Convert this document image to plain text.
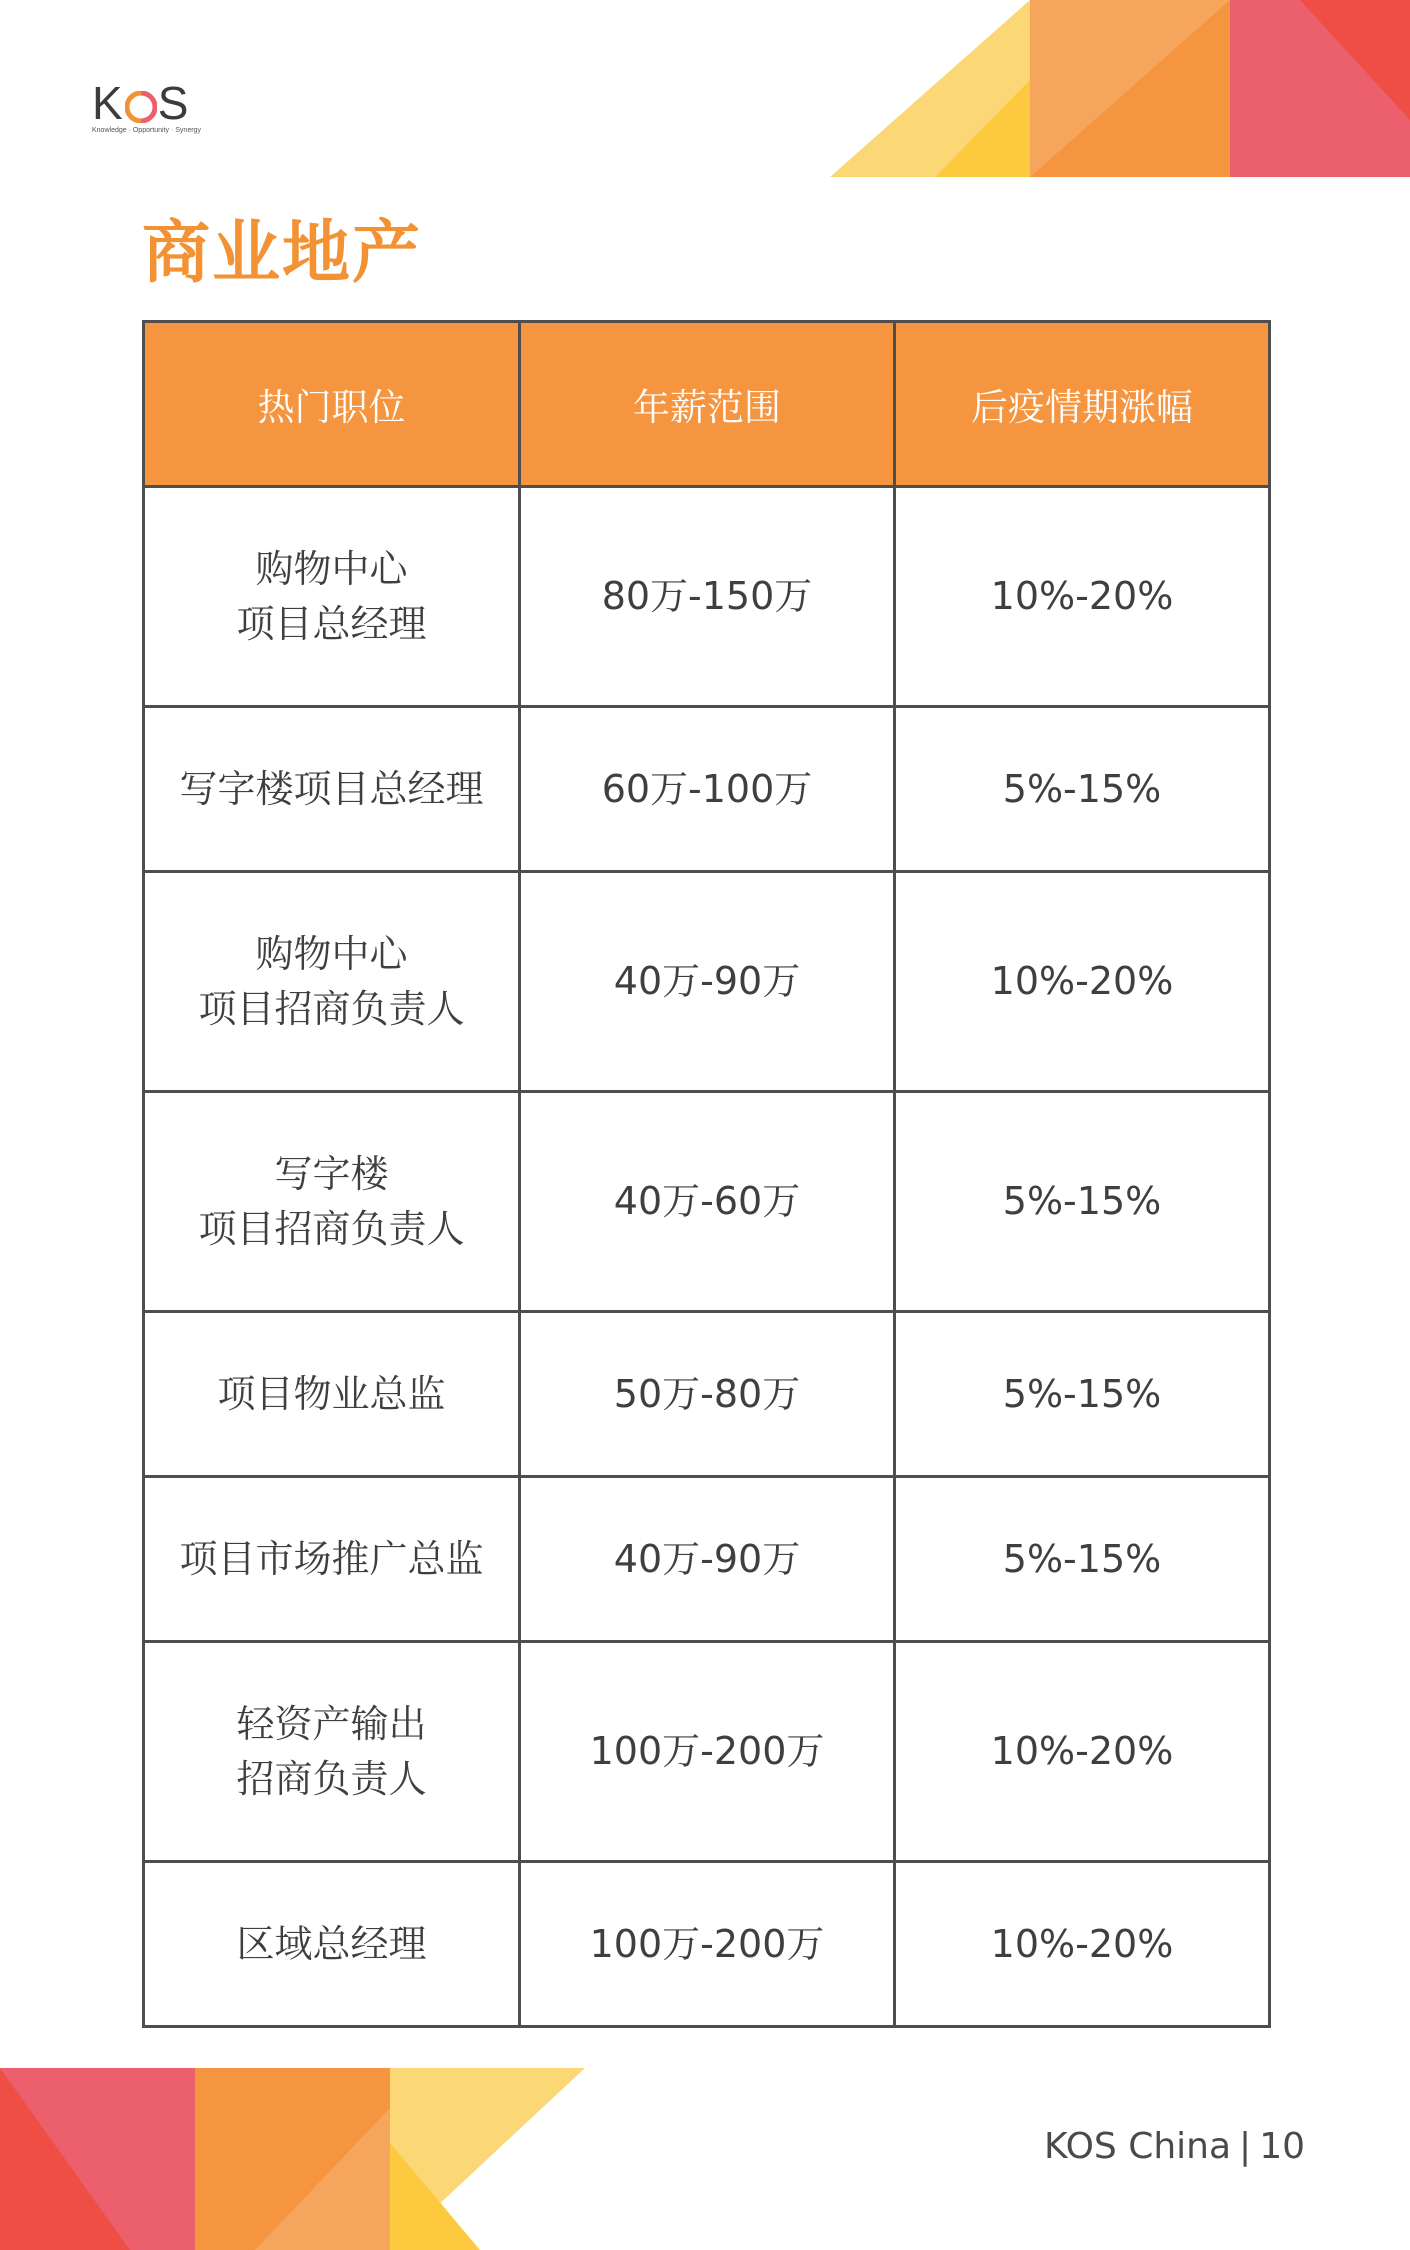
K S
Knowledge · Opportunity · Synergy
商业地产
热门职位	年薪范围	后疫情期涨幅
购物中心
项目总经理	80万-150万	10%-20%
写字楼项目总经理	60万-100万	5%-15%
购物中心
项目招商负责人	40万-90万	10%-20%
写字楼
项目招商负责人	40万-60万	5%-15%
项目物业总监	50万-80万	5%-15%
项目市场推广总监	40万-90万	5%-15%
轻资产输出
招商负责人	100万-200万	10%-20%
区域总经理	100万-200万	10%-20%
KOS China | 10
